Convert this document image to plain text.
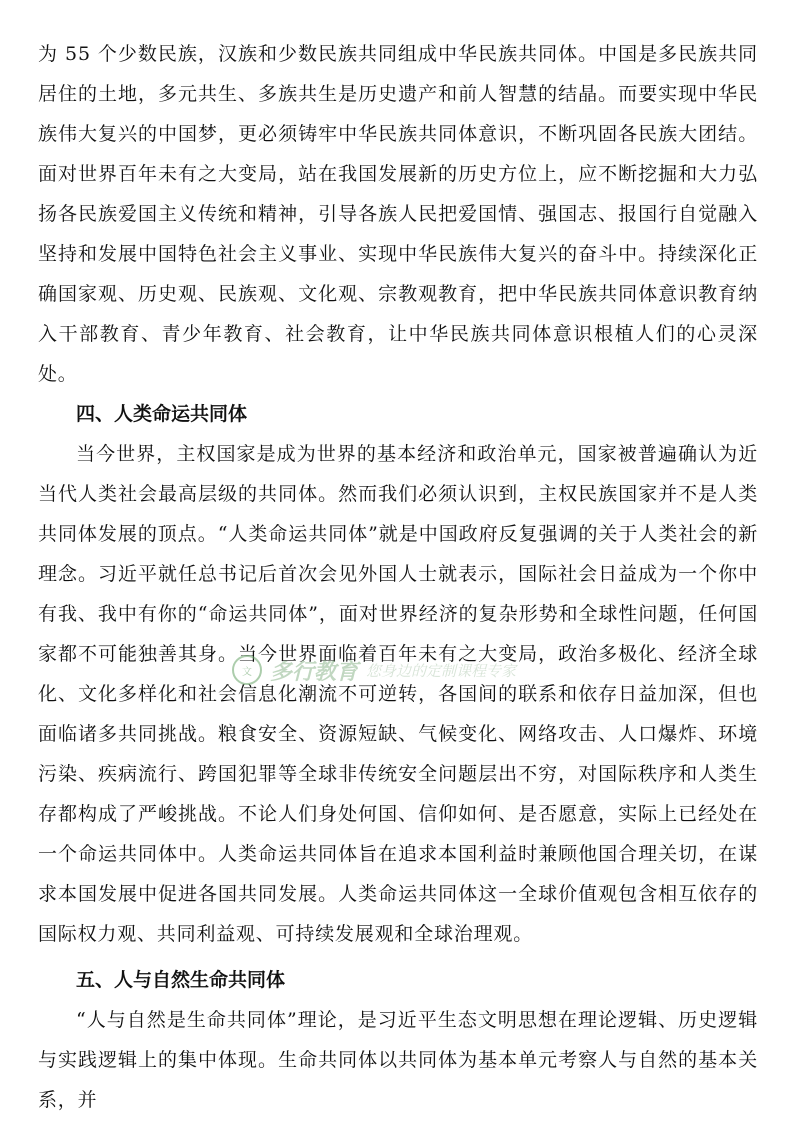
为 55 个少数民族，汉族和少数民族共同组成中华民族共同体。中国是多民族共同居住的土地，多元共生、多族共生是历史遗产和前人智慧的结晶。而要实现中华民族伟大复兴的中国梦，更必须铸牢中华民族共同体意识，不断巩固各民族大团结。面对世界百年未有之大变局，站在我国发展新的历史方位上，应不断挖掘和大力弘扬各民族爱国主义传统和精神，引导各族人民把爱国情、强国志、报国行自觉融入坚持和发展中国特色社会主义事业、实现中华民族伟大复兴的奋斗中。持续深化正确国家观、历史观、民族观、文化观、宗教观教育，把中华民族共同体意识教育纳入干部教育、青少年教育、社会教育，让中华民族共同体意识根植人们的心灵深处。

四、人类命运共同体

当今世界，主权国家是成为世界的基本经济和政治单元，国家被普遍确认为近当代人类社会最高层级的共同体。然而我们必须认识到，主权民族国家并不是人类共同体发展的顶点。“人类命运共同体”就是中国政府反复强调的关于人类社会的新理念。习近平就任总书记后首次会见外国人士就表示，国际社会日益成为一个你中有我、我中有你的“命运共同体”，面对世界经济的复杂形势和全球性问题，任何国家都不可能独善其身。当今世界面临着百年未有之大变局，政治多极化、经济全球化、文化多样化和社会信息化潮流不可逆转，各国间的联系和依存日益加深，但也面临诸多共同挑战。粮食安全、资源短缺、气候变化、网络攻击、人口爆炸、环境污染、疾病流行、跨国犯罪等全球非传统安全问题层出不穷，对国际秩序和人类生存都构成了严峻挑战。不论人们身处何国、信仰如何、是否愿意，实际上已经处在一个命运共同体中。人类命运共同体旨在追求本国利益时兼顾他国合理关切，在谋求本国发展中促进各国共同发展。人类命运共同体这一全球价值观包含相互依存的国际权力观、共同利益观、可持续发展观和全球治理观。

五、人与自然生命共同体

“人与自然是生命共同体”理论，是习近平生态文明思想在理论逻辑、历史逻辑与实践逻辑上的集中体现。生命共同体以共同体为基本单元考察人与自然的基本关系，并

文 多行教育 您身边的定制课程专家
